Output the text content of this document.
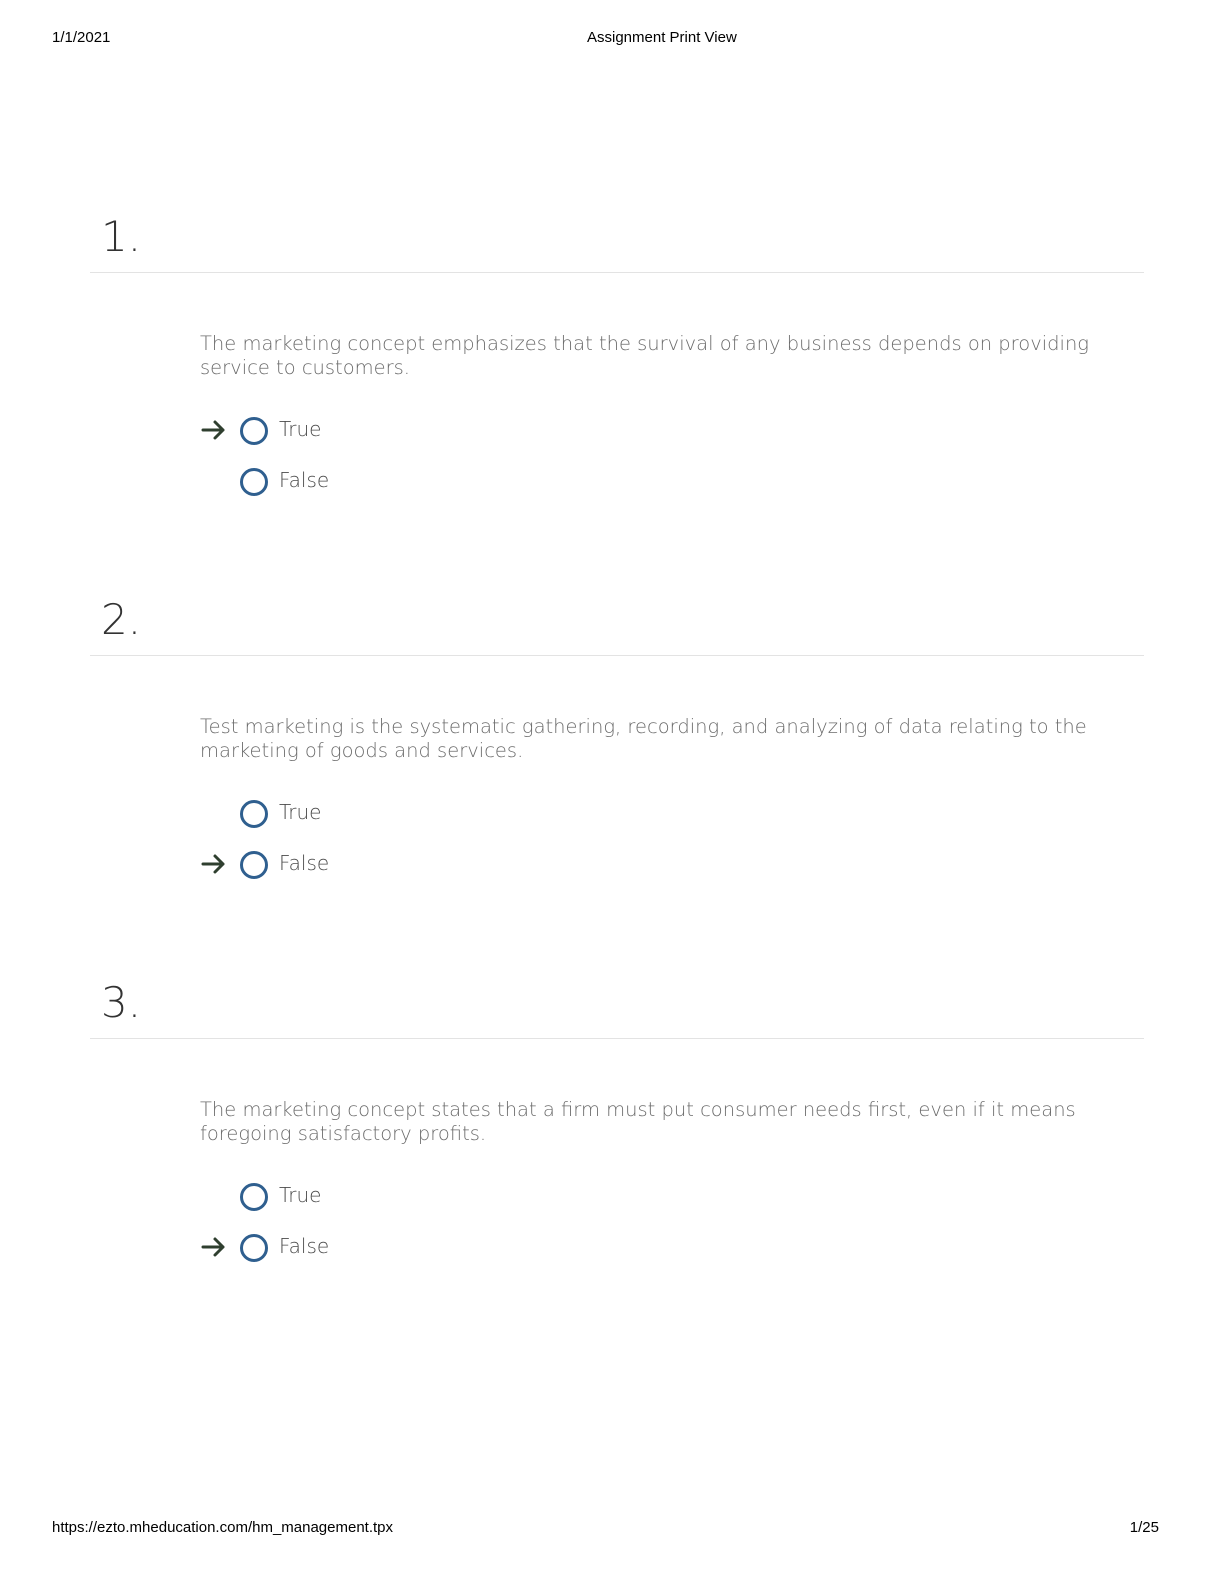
1/1/2021	Assignment Print View
1.
The marketing concept emphasizes that the survival of any business depends on providing service to customers.
True
False
2.
Test marketing is the systematic gathering, recording, and analyzing of data relating to the marketing of goods and services.
True
False
3.
The marketing concept states that a firm must put consumer needs first, even if it means foregoing satisfactory profits.
True
False
https://ezto.mheducation.com/hm_management.tpx	1/25
